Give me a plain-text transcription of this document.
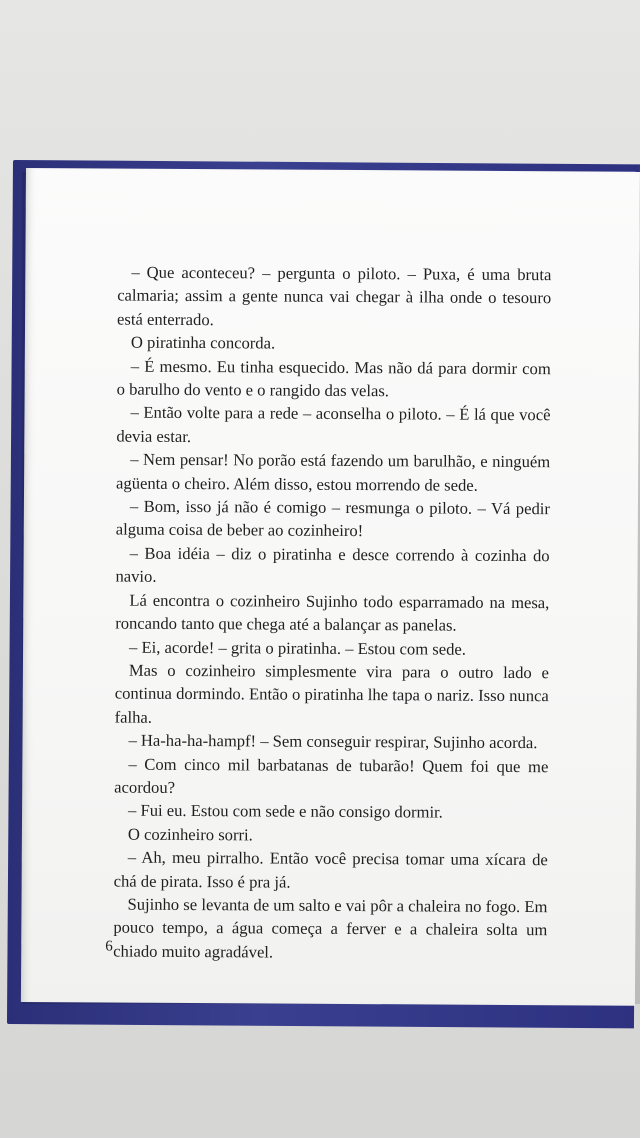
– Que aconteceu? – pergunta o piloto. – Puxa, é uma bruta calmaria; assim a gente nunca vai chegar à ilha onde o tesouro está enterrado.

O piratinha concorda.

– É mesmo. Eu tinha esquecido. Mas não dá para dormir com o barulho do vento e o rangido das velas.

– Então volte para a rede – aconselha o piloto. – É lá que você devia estar.

– Nem pensar! No porão está fazendo um barulhão, e ninguém agüenta o cheiro. Além disso, estou morrendo de sede.

– Bom, isso já não é comigo – resmunga o piloto. – Vá pedir alguma coisa de beber ao cozinheiro!

– Boa idéia – diz o piratinha e desce correndo à cozinha do navio.

Lá encontra o cozinheiro Sujinho todo esparramado na mesa, roncando tanto que chega até a balançar as panelas.

– Ei, acorde! – grita o piratinha. – Estou com sede.

Mas o cozinheiro simplesmente vira para o outro lado e continua dormindo. Então o piratinha lhe tapa o nariz. Isso nunca falha.

– Ha-ha-ha-hampf! – Sem conseguir respirar, Sujinho acorda.

– Com cinco mil barbatanas de tubarão! Quem foi que me acordou?

– Fui eu. Estou com sede e não consigo dormir.

O cozinheiro sorri.

– Ah, meu pirralho. Então você precisa tomar uma xícara de chá de pirata. Isso é pra já.

Sujinho se levanta de um salto e vai pôr a chaleira no fogo. Em pouco tempo, a água começa a ferver e a chaleira solta um chiado muito agradável.

6
